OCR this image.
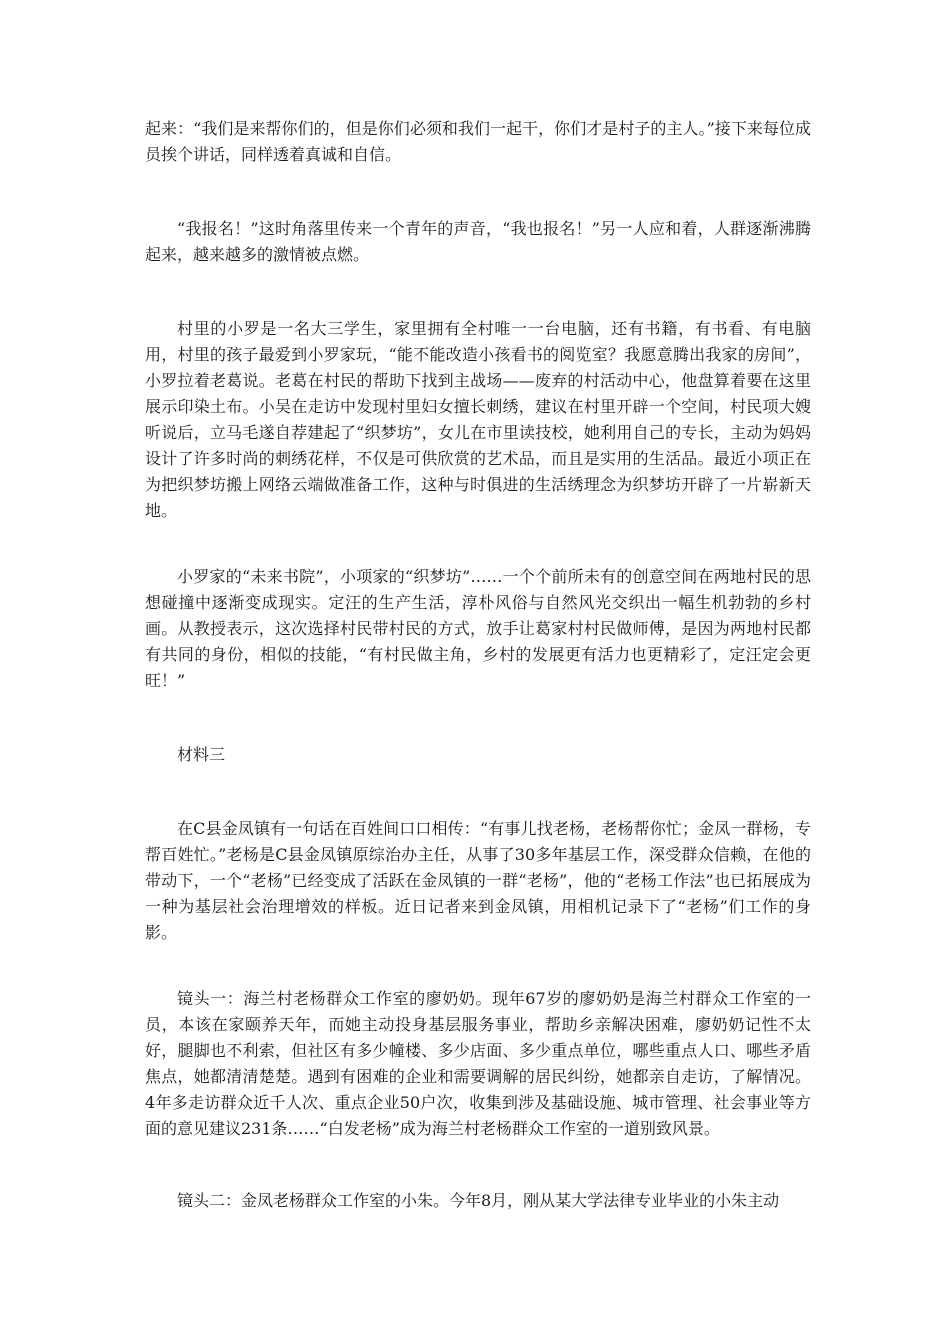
起来：“我们是来帮你们的，但是你们必须和我们一起干，你们才是村子的主人。”接下来每位成员挨个讲话，同样透着真诚和自信。

“我报名！”这时角落里传来一个青年的声音，“我也报名！”另一人应和着，人群逐渐沸腾起来，越来越多的激情被点燃。

村里的小罗是一名大三学生，家里拥有全村唯一一台电脑，还有书籍，有书看、有电脑用，村里的孩子最爱到小罗家玩，“能不能改造小孩看书的阅览室？我愿意腾出我家的房间”，小罗拉着老葛说。老葛在村民的帮助下找到主战场——废弃的村活动中心，他盘算着要在这里展示印染土布。小吴在走访中发现村里妇女擅长刺绣，建议在村里开辟一个空间，村民项大嫂听说后，立马毛遂自荐建起了“织梦坊”，女儿在市里读技校，她利用自己的专长，主动为妈妈设计了许多时尚的刺绣花样，不仅是可供欣赏的艺术品，而且是实用的生活品。最近小项正在为把织梦坊搬上网络云端做准备工作，这种与时俱进的生活绣理念为织梦坊开辟了一片崭新天地。

小罗家的“未来书院”，小项家的“织梦坊”……一个个前所未有的创意空间在两地村民的思想碰撞中逐渐变成现实。定汪的生产生活，淳朴风俗与自然风光交织出一幅生机勃勃的乡村画。从教授表示，这次选择村民带村民的方式，放手让葛家村村民做师傅，是因为两地村民都有共同的身份，相似的技能，“有村民做主角，乡村的发展更有活力也更精彩了，定汪定会更旺！”

材料三

在C县金凤镇有一句话在百姓间口口相传：“有事儿找老杨，老杨帮你忙；金凤一群杨，专帮百姓忙。”老杨是C县金凤镇原综治办主任，从事了30多年基层工作，深受群众信赖，在他的带动下，一个“老杨”已经变成了活跃在金凤镇的一群“老杨”，他的“老杨工作法”也已拓展成为一种为基层社会治理增效的样板。近日记者来到金凤镇，用相机记录下了“老杨”们工作的身影。

镜头一：海兰村老杨群众工作室的廖奶奶。现年67岁的廖奶奶是海兰村群众工作室的一员，本该在家颐养天年，而她主动投身基层服务事业，帮助乡亲解决困难，廖奶奶记性不太好，腿脚也不利索，但社区有多少幢楼、多少店面、多少重点单位，哪些重点人口、哪些矛盾焦点，她都清清楚楚。遇到有困难的企业和需要调解的居民纠纷，她都亲自走访，了解情况。4年多走访群众近千人次、重点企业50户次，收集到涉及基础设施、城市管理、社会事业等方面的意见建议231条……“白发老杨”成为海兰村老杨群众工作室的一道别致风景。

镜头二：金凤老杨群众工作室的小朱。今年8月，刚从某大学法律专业毕业的小朱主动
